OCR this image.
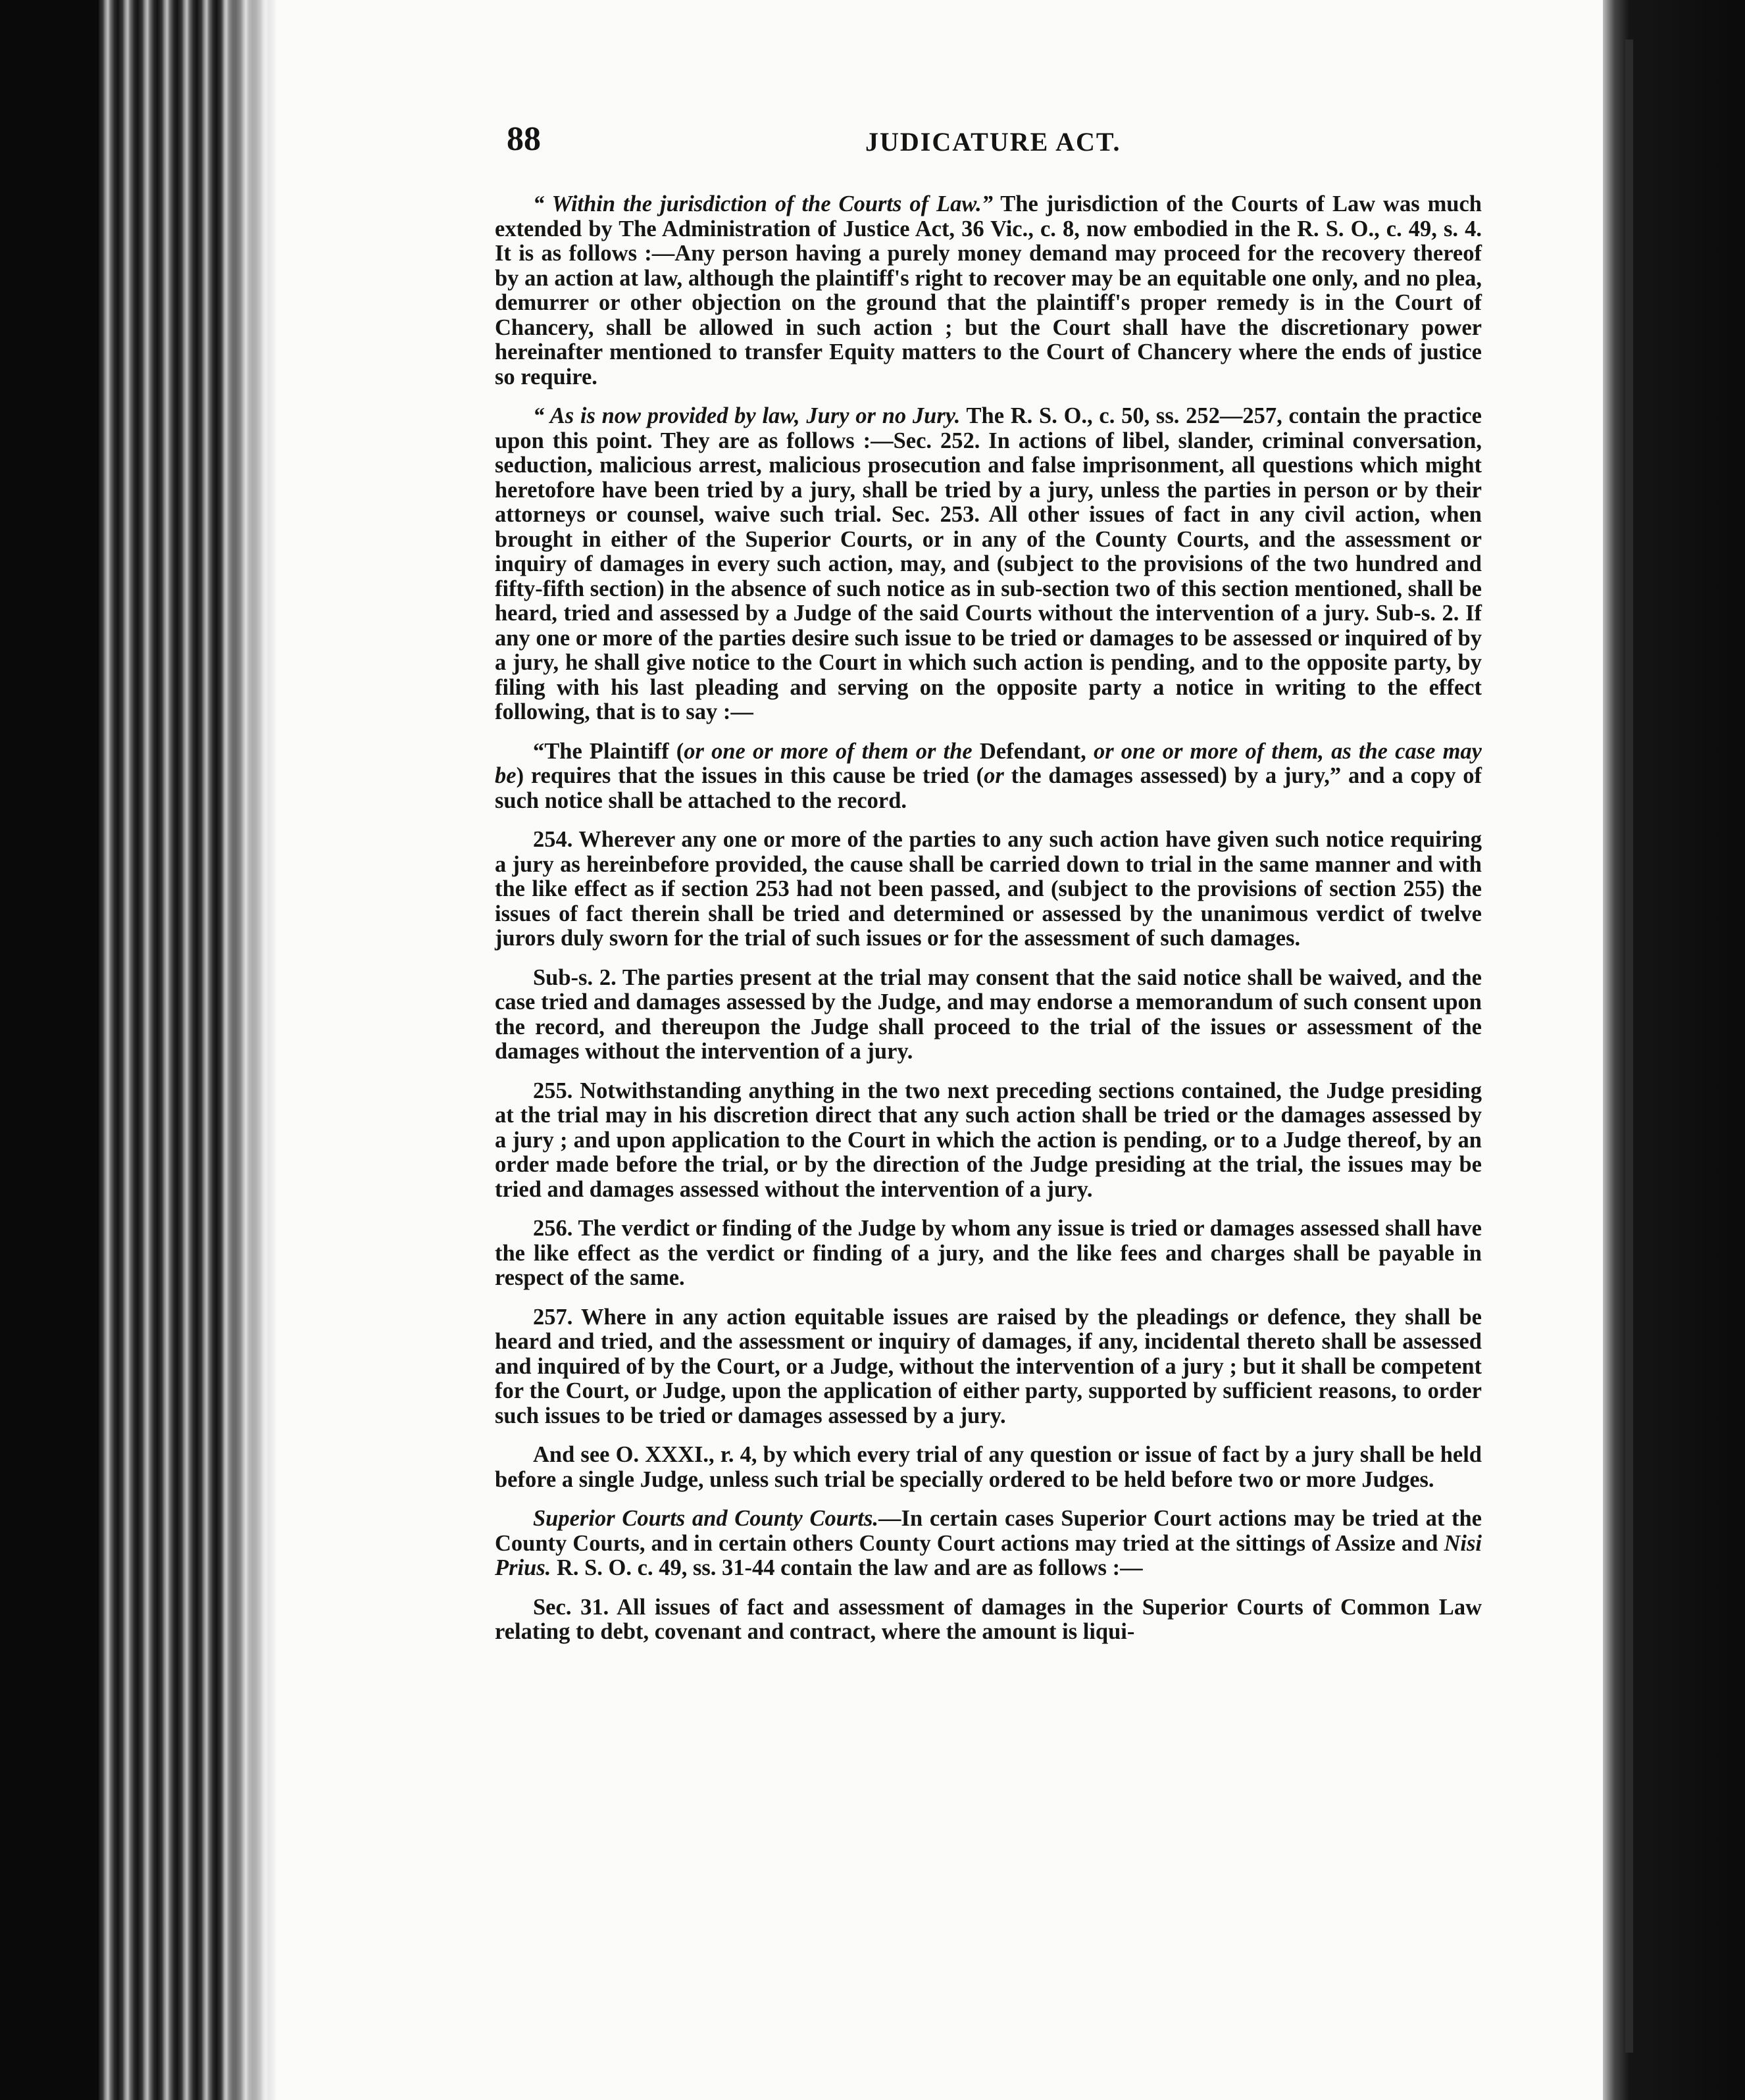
88	JUDICATURE ACT.

“ Within the jurisdiction of the Courts of Law.” The jurisdiction of the Courts of Law was much extended by The Administration of Justice Act, 36 Vic., c. 8, now embodied in the R. S. O., c. 49, s. 4. It is as follows :—Any person having a purely money demand may proceed for the recovery thereof by an action at law, although the plaintiff's right to recover may be an equitable one only, and no plea, demurrer or other objection on the ground that the plaintiff's proper remedy is in the Court of Chancery, shall be allowed in such action ; but the Court shall have the discretionary power hereinafter mentioned to transfer Equity matters to the Court of Chancery where the ends of justice so require.

“ As is now provided by law, Jury or no Jury. The R. S. O., c. 50, ss. 252—257, contain the practice upon this point. They are as follows :—Sec. 252. In actions of libel, slander, criminal conversation, seduction, malicious arrest, malicious prosecution and false imprisonment, all questions which might heretofore have been tried by a jury, shall be tried by a jury, unless the parties in person or by their attorneys or counsel, waive such trial. Sec. 253. All other issues of fact in any civil action, when brought in either of the Superior Courts, or in any of the County Courts, and the assessment or inquiry of damages in every such action, may, and (subject to the provisions of the two hundred and fifty-fifth section) in the absence of such notice as in sub-section two of this section mentioned, shall be heard, tried and assessed by a Judge of the said Courts without the intervention of a jury. Sub-s. 2. If any one or more of the parties desire such issue to be tried or damages to be assessed or inquired of by a jury, he shall give notice to the Court in which such action is pending, and to the opposite party, by filing with his last pleading and serving on the opposite party a notice in writing to the effect following, that is to say :—

“The Plaintiff (or one or more of them or the Defendant, or one or more of them, as the case may be) requires that the issues in this cause be tried (or the damages assessed) by a jury,” and a copy of such notice shall be attached to the record.

254. Wherever any one or more of the parties to any such action have given such notice requiring a jury as hereinbefore provided, the cause shall be carried down to trial in the same manner and with the like effect as if section 253 had not been passed, and (subject to the provisions of section 255) the issues of fact therein shall be tried and determined or assessed by the unanimous verdict of twelve jurors duly sworn for the trial of such issues or for the assessment of such damages.

Sub-s. 2. The parties present at the trial may consent that the said notice shall be waived, and the case tried and damages assessed by the Judge, and may endorse a memorandum of such consent upon the record, and thereupon the Judge shall proceed to the trial of the issues or assessment of the damages without the intervention of a jury.

255. Notwithstanding anything in the two next preceding sections contained, the Judge presiding at the trial may in his discretion direct that any such action shall be tried or the damages assessed by a jury ; and upon application to the Court in which the action is pending, or to a Judge thereof, by an order made before the trial, or by the direction of the Judge presiding at the trial, the issues may be tried and damages assessed without the intervention of a jury.

256. The verdict or finding of the Judge by whom any issue is tried or damages assessed shall have the like effect as the verdict or finding of a jury, and the like fees and charges shall be payable in respect of the same.

257. Where in any action equitable issues are raised by the pleadings or defence, they shall be heard and tried, and the assessment or inquiry of damages, if any, incidental thereto shall be assessed and inquired of by the Court, or a Judge, without the intervention of a jury ; but it shall be competent for the Court, or Judge, upon the application of either party, supported by sufficient reasons, to order such issues to be tried or damages assessed by a jury.

And see O. XXXI., r. 4, by which every trial of any question or issue of fact by a jury shall be held before a single Judge, unless such trial be specially ordered to be held before two or more Judges.

Superior Courts and County Courts.—In certain cases Superior Court actions may be tried at the County Courts, and in certain others County Court actions may tried at the sittings of Assize and Nisi Prius. R. S. O. c. 49, ss. 31-44 contain the law and are as follows :—

Sec. 31. All issues of fact and assessment of damages in the Superior Courts of Common Law relating to debt, covenant and contract, where the amount is liqui-
